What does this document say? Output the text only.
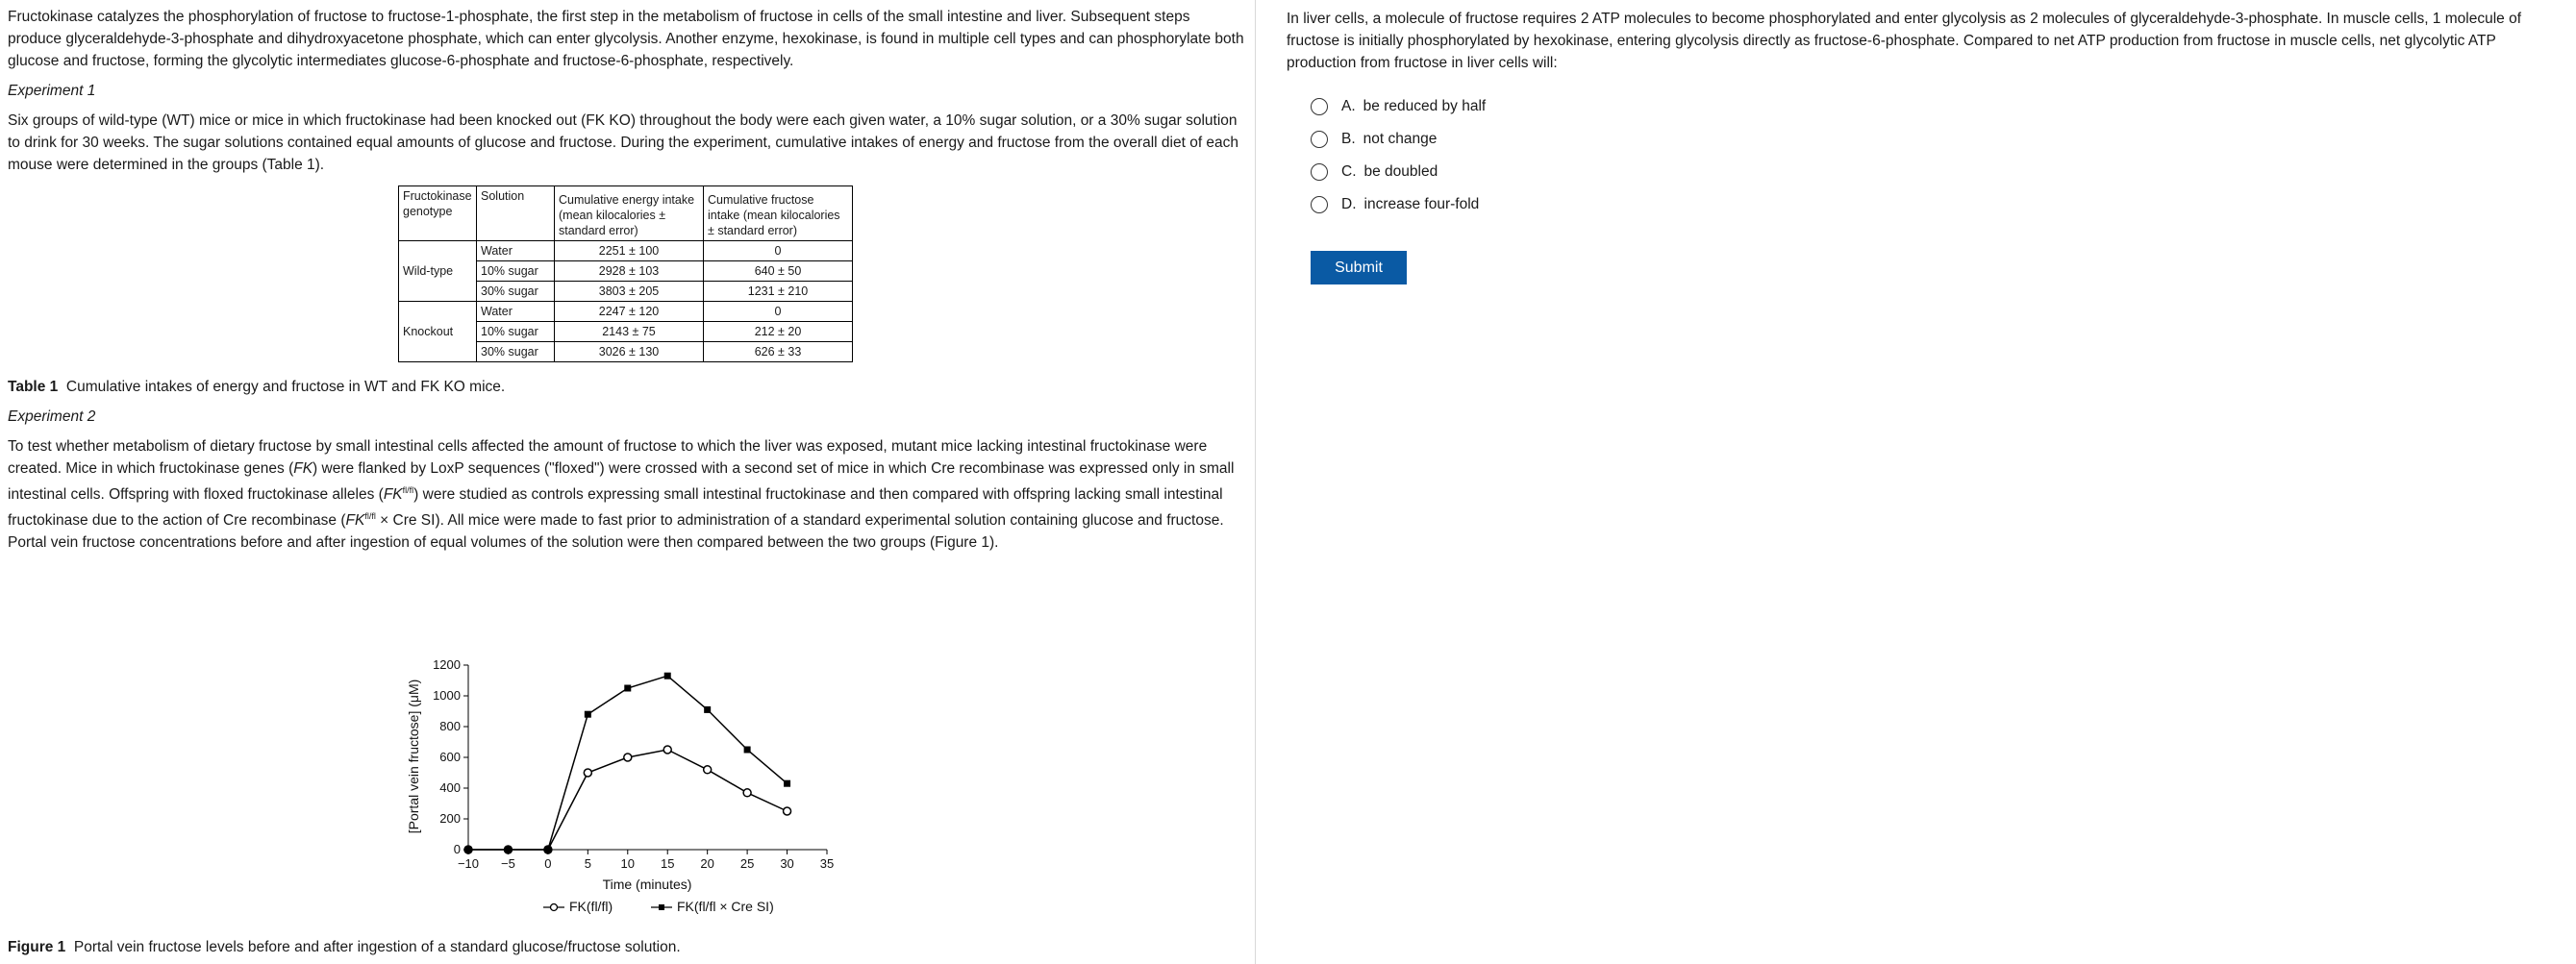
Fructokinase catalyzes the phosphorylation of fructose to fructose-1-phosphate, the first step in the metabolism of fructose in cells of the small intestine and liver. Subsequent steps produce glyceraldehyde-3-phosphate and dihydroxyacetone phosphate, which can enter glycolysis. Another enzyme, hexokinase, is found in multiple cell types and can phosphorylate both glucose and fructose, forming the glycolytic intermediates glucose-6-phosphate and fructose-6-phosphate, respectively.

Experiment 1

Six groups of wild-type (WT) mice or mice in which fructokinase had been knocked out (FK KO) throughout the body were each given water, a 10% sugar solution, or a 30% sugar solution to drink for 30 weeks. The sugar solutions contained equal amounts of glucose and fructose. During the experiment, cumulative intakes of energy and fructose from the overall diet of each mouse were determined in the groups (Table 1).

Fructokinase genotype	Solution	Cumulative energy intake (mean kilocalories ± standard error)	Cumulative fructose intake (mean kilocalories ± standard error)
Wild-type	Water	2251 ± 100	0
	10% sugar	2928 ± 103	640 ± 50
	30% sugar	3803 ± 205	1231 ± 210
Knockout	Water	2247 ± 120	0
	10% sugar	2143 ± 75	212 ± 20
	30% sugar	3026 ± 130	626 ± 33
Table 1 Cumulative intakes of energy and fructose in WT and FK KO mice.
Experiment 2

To test whether metabolism of dietary fructose by small intestinal cells affected the amount of fructose to which the liver was exposed, mutant mice lacking intestinal fructokinase were created. Mice in which fructokinase genes (FK) were flanked by LoxP sequences ("floxed") were crossed with a second set of mice in which Cre recombinase was expressed only in small intestinal cells. Offspring with floxed fructokinase alleles $(FK^{fl/fl})$ were studied as controls expressing small intestinal fructokinase and then compared with offspring lacking small intestinal fructokinase due to the action of Cre recombinase ($FK^{fl/fl}$ × Cre SI). All mice were made to fast prior to administration of a standard experimental solution containing glucose and fructose. Portal vein fructose concentrations before and after ingestion of equal volumes of the solution were then compared between the two groups (Figure 1).

−10 −5 0	5 10 15 20 25 30 35
0
200
400
600
800
1000
1200
Time (minutes)
[Portal vein fructose] (μM)
FK(fl/fl)	FK(fl/fl × Cre SI)
Figure 1 Portal vein fructose levels before and after ingestion of a standard glucose/fructose solution.
In liver cells, a molecule of fructose requires 2 ATP molecules to become phosphorylated and enter glycolysis as 2 molecules of glyceraldehyde-3-phosphate. In muscle cells, 1 molecule of fructose is initially phosphorylated by hexokinase, entering glycolysis directly as fructose-6-phosphate. Compared to net ATP production from fructose in muscle cells, net glycolytic ATP production from fructose in liver cells will:
A. be reduced by half
B. not change
C. be doubled
D. increase four-fold
Submit
